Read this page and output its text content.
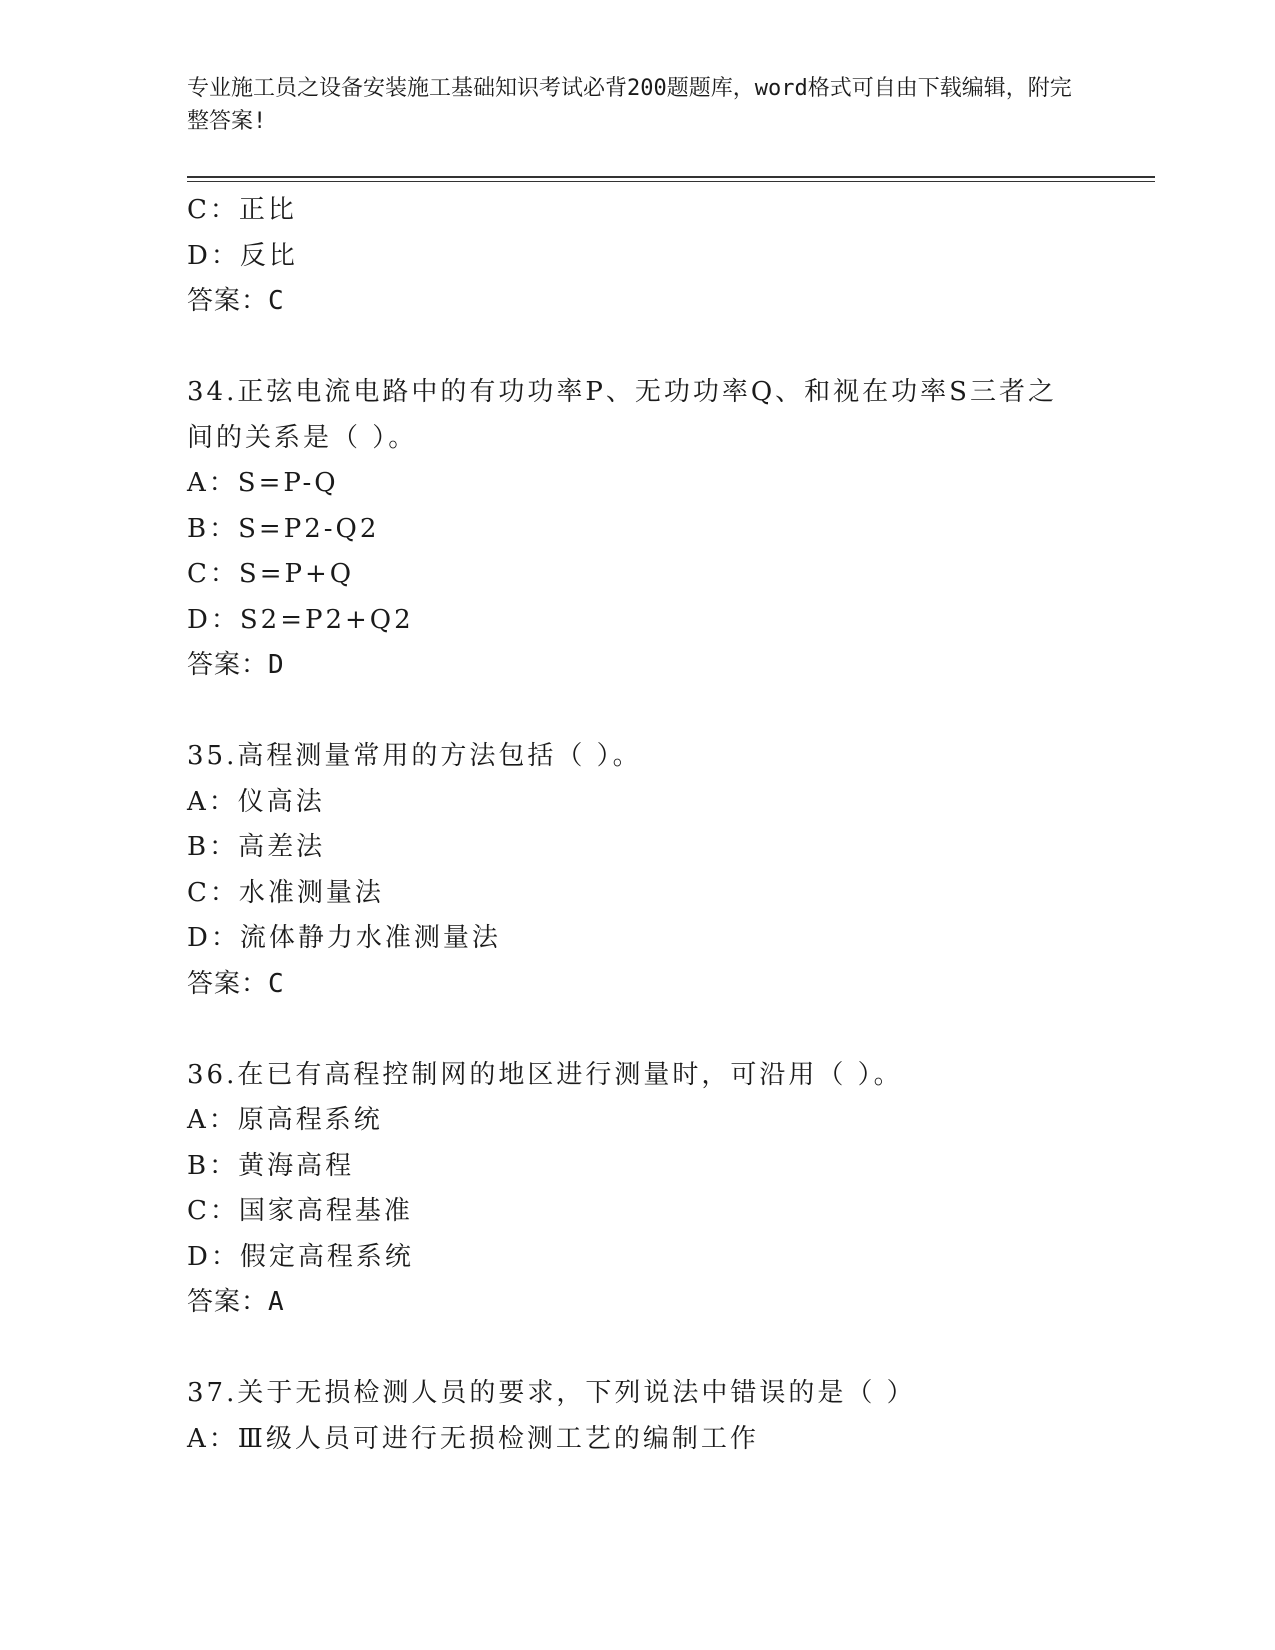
专业施工员之设备安装施工基础知识考试必背200题题库，word格式可自由下载编辑，附完整答案!
C：正比
D：反比
答案：C
34.正弦电流电路中的有功功率P、无功功率Q、和视在功率S三者之间的关系是（ ）。
A：S=P-Q
B：S=P2-Q2
C：S=P+Q
D：S2=P2+Q2
答案：D
35.高程测量常用的方法包括（ ）。
A：仪高法
B：高差法
C：水准测量法
D：流体静力水准测量法
答案：C
36.在已有高程控制网的地区进行测量时，可沿用（ ）。
A：原高程系统
B：黄海高程
C：国家高程基准
D：假定高程系统
答案：A
37.关于无损检测人员的要求，下列说法中错误的是（ ）
A：Ⅲ级人员可进行无损检测工艺的编制工作
